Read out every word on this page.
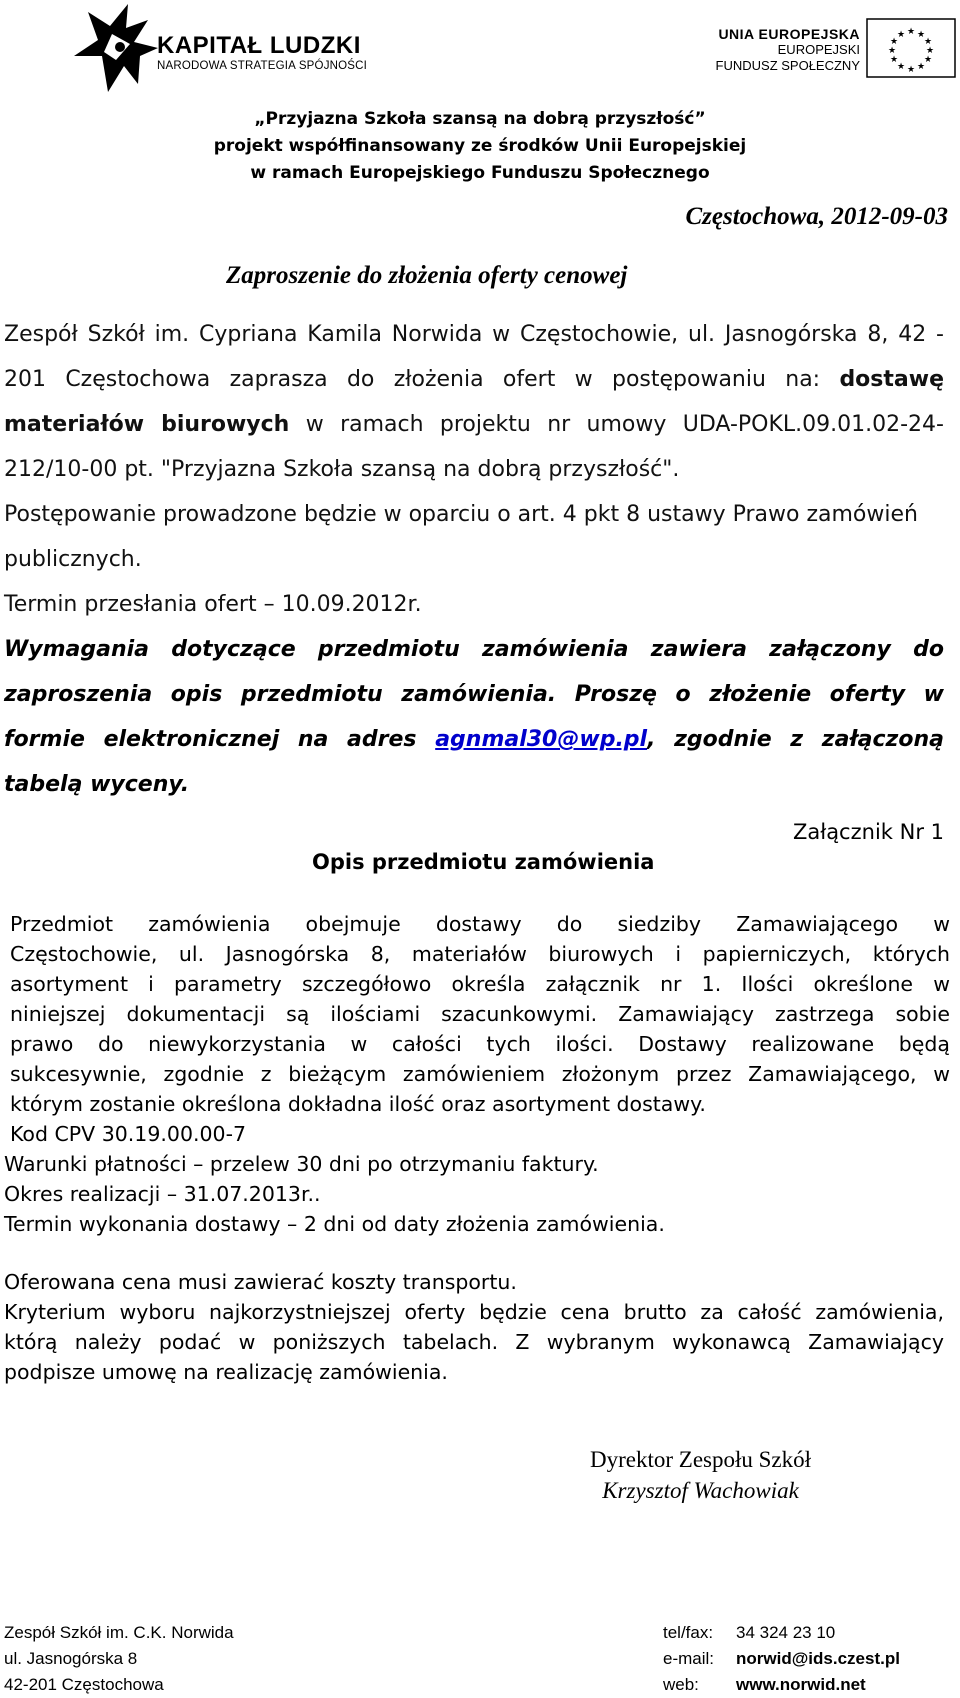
KAPITAŁ LUDZKI
NARODOWA STRATEGIA SPÓJNOŚCI
UNIA EUROPEJSKA
EUROPEJSKI
FUNDUSZ SPOŁECZNY
★ ★
★
★
★
★
★
★
★
★
★
★
„Przyjazna Szkoła szansą na dobrą przyszłość”
projekt współfinansowany ze środków Unii Europejskiej
w ramach Europejskiego Funduszu Społecznego
Częstochowa, 2012-09-03
Zaproszenie do złożenia oferty cenowej
Zespół Szkół im. Cypriana Kamila Norwida w Częstochowie, ul. Jasnogórska 8, 42 -
201 Częstochowa zaprasza do złożenia ofert w postępowaniu na: dostawę
materiałów biurowych w ramach projektu nr umowy UDA-POKL.09.01.02-24-
212/10-00 pt. "Przyjazna Szkoła szansą na dobrą przyszłość".
Postępowanie prowadzone będzie w oparciu o art. 4 pkt 8 ustawy Prawo zamówień
publicznych.
Termin przesłania ofert – 10.09.2012r.
Wymagania dotyczące przedmiotu zamówienia zawiera załączony do
zaproszenia opis przedmiotu zamówienia. Proszę o złożenie oferty w
formie elektronicznej na adres agnmal30@wp.pl, zgodnie z załączoną
tabelą wyceny.
Załącznik Nr 1
Opis przedmiotu zamówienia
Przedmiot zamówienia obejmuje dostawy do siedziby Zamawiającego w
Częstochowie, ul. Jasnogórska 8, materiałów biurowych i papierniczych, których
asortyment i parametry szczegółowo określa załącznik nr 1. Ilości określone w
niniejszej dokumentacji są ilościami szacunkowymi. Zamawiający zastrzega sobie
prawo do niewykorzystania w całości tych ilości. Dostawy realizowane będą
sukcesywnie, zgodnie z bieżącym zamówieniem złożonym przez Zamawiającego, w
którym zostanie określona dokładna ilość oraz asortyment dostawy.
Kod CPV 30.19.00.00-7
Warunki płatności – przelew 30 dni po otrzymaniu faktury.
Okres realizacji – 31.07.2013r..
Termin wykonania dostawy – 2 dni od daty złożenia zamówienia.
Oferowana cena musi zawierać koszty transportu.
Kryterium wyboru najkorzystniejszej oferty będzie cena brutto za całość zamówienia,
którą należy podać w poniższych tabelach. Z wybranym wykonawcą Zamawiający
podpisze umowę na realizację zamówienia.
Dyrektor Zespołu Szkół
Krzysztof Wachowiak
Zespół Szkół im. C.K. Norwida
ul. Jasnogórska 8
42-201 Częstochowa
tel/fax: 34 324 23 10
e-mail: norwid@ids.czest.pl
web: www.norwid.net
